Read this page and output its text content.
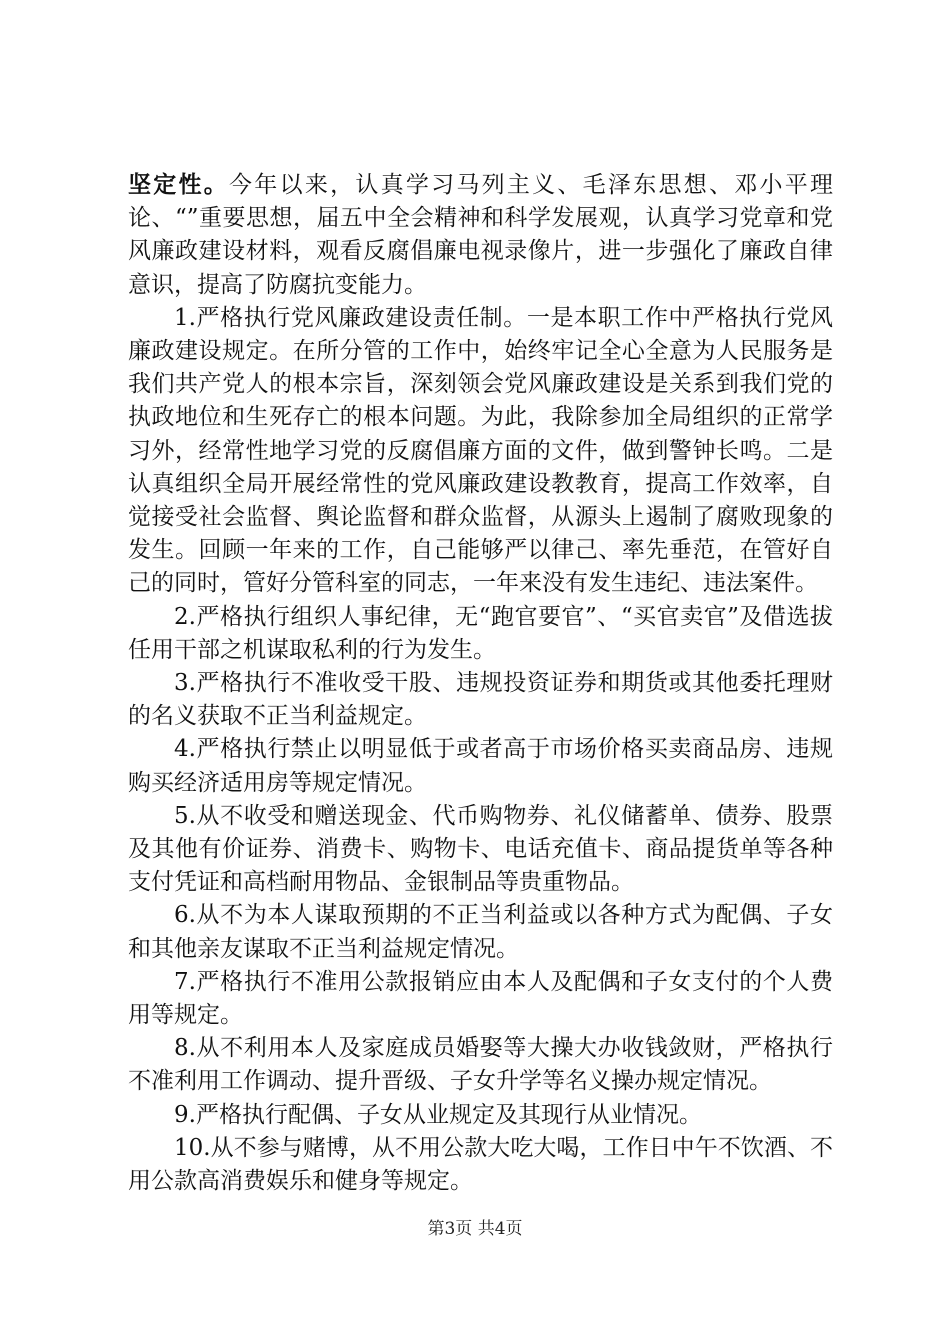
坚定性。今年以来，认真学习马列主义、毛泽东思想、邓小平理论、“”重要思想，届五中全会精神和科学发展观，认真学习党章和党风廉政建设材料，观看反腐倡廉电视录像片，进一步强化了廉政自律意识，提高了防腐抗变能力。

1.严格执行党风廉政建设责任制。一是本职工作中严格执行党风廉政建设规定。在所分管的工作中，始终牢记全心全意为人民服务是我们共产党人的根本宗旨，深刻领会党风廉政建设是关系到我们党的执政地位和生死存亡的根本问题。为此，我除参加全局组织的正常学习外，经常性地学习党的反腐倡廉方面的文件，做到警钟长鸣。二是认真组织全局开展经常性的党风廉政建设教教育，提高工作效率，自觉接受社会监督、舆论监督和群众监督，从源头上遏制了腐败现象的发生。回顾一年来的工作，自己能够严以律己、率先垂范，在管好自己的同时，管好分管科室的同志，一年来没有发生违纪、违法案件。

2.严格执行组织人事纪律，无“跑官要官”、“买官卖官”及借选拔任用干部之机谋取私利的行为发生。

3.严格执行不准收受干股、违规投资证券和期货或其他委托理财的名义获取不正当利益规定。

4.严格执行禁止以明显低于或者高于市场价格买卖商品房、违规购买经济适用房等规定情况。

5.从不收受和赠送现金、代币购物券、礼仪储蓄单、债券、股票及其他有价证券、消费卡、购物卡、电话充值卡、商品提货单等各种支付凭证和高档耐用物品、金银制品等贵重物品。

6.从不为本人谋取预期的不正当利益或以各种方式为配偶、子女和其他亲友谋取不正当利益规定情况。

7.严格执行不准用公款报销应由本人及配偶和子女支付的个人费用等规定。

8.从不利用本人及家庭成员婚娶等大操大办收钱敛财，严格执行不准利用工作调动、提升晋级、子女升学等名义操办规定情况。

9.严格执行配偶、子女从业规定及其现行从业情况。

10.从不参与赌博，从不用公款大吃大喝，工作日中午不饮酒、不用公款高消费娱乐和健身等规定。

第3页 共4页
